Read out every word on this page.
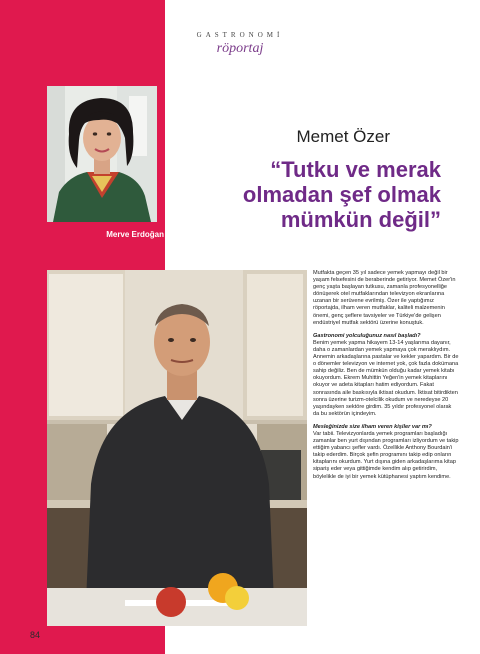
Merve Erdoğan
84
GASTRONOMİ
röportaj
Memet Özer
“Tutku ve merak
olmadan şef olmak
mümkün değil”

Mutfakta geçen 35 yıl sadece yemek yapmayı değil bir yaşam felsefesini de beraberinde getiriyor. Memet Özer'in genç yaşta başlayan tutkusu, zamanla profesyonelliğe dönüşerek otel mutfaklarından televizyon ekranlarına uzanan bir serüvene evrilmiş. Özer ile yaptığımız röportajda, ilham veren mutfaklar, kaliteli malzemenin önemi, genç şeflere tavsiyeler ve Türkiye'de gelişen endüstriyel mutfak sektörü üzerine konuştuk.

Gastronomi yolculuğunuz nasıl başladı?

Benim yemek yapma hikayem 13-14 yaşlarıma dayanır, daha o zamanlardan yemek yapmaya çok meraklıydım. Annemin arkadaşlarına pastalar ve kekler yapardım. Bir de o dönemler televizyon ve internet yok, çok fazla dokümana sahip değiliz. Ben de mümkün olduğu kadar yemek kitabı okuyordum. Ekrem Muhittin Yeğen'in yemek kitaplarını okuyor ve adeta kitapları hatim ediyordum. Fakat sonrasında aile baskısıyla iktisat okudum. İktisat bitirdikten sonra üzerine turizm-otelcilik okudum ve neredeyse 20 yaşındayken sektöre girdim. 35 yıldır profesyonel olarak da bu sektörün içindeyim.

Mesleğinizde size ilham veren kişiler var mı?

Var tabii. Televizyonlarda yemek programları başladığı zamanlar ben yurt dışından programları izliyordum ve takip ettiğim yabancı şefler vardı. Özellikle Anthony Bourdain'i takip ederdim. Birçok şefin programını takip edip onların kitaplarını okurdum. Yurt dışına giden arkadaşlarıma kitap sipariş eder veya gittiğimde kendim alıp getirirdim, böylelikle de iyi bir yemek kütüphanesi yaptım kendime.
